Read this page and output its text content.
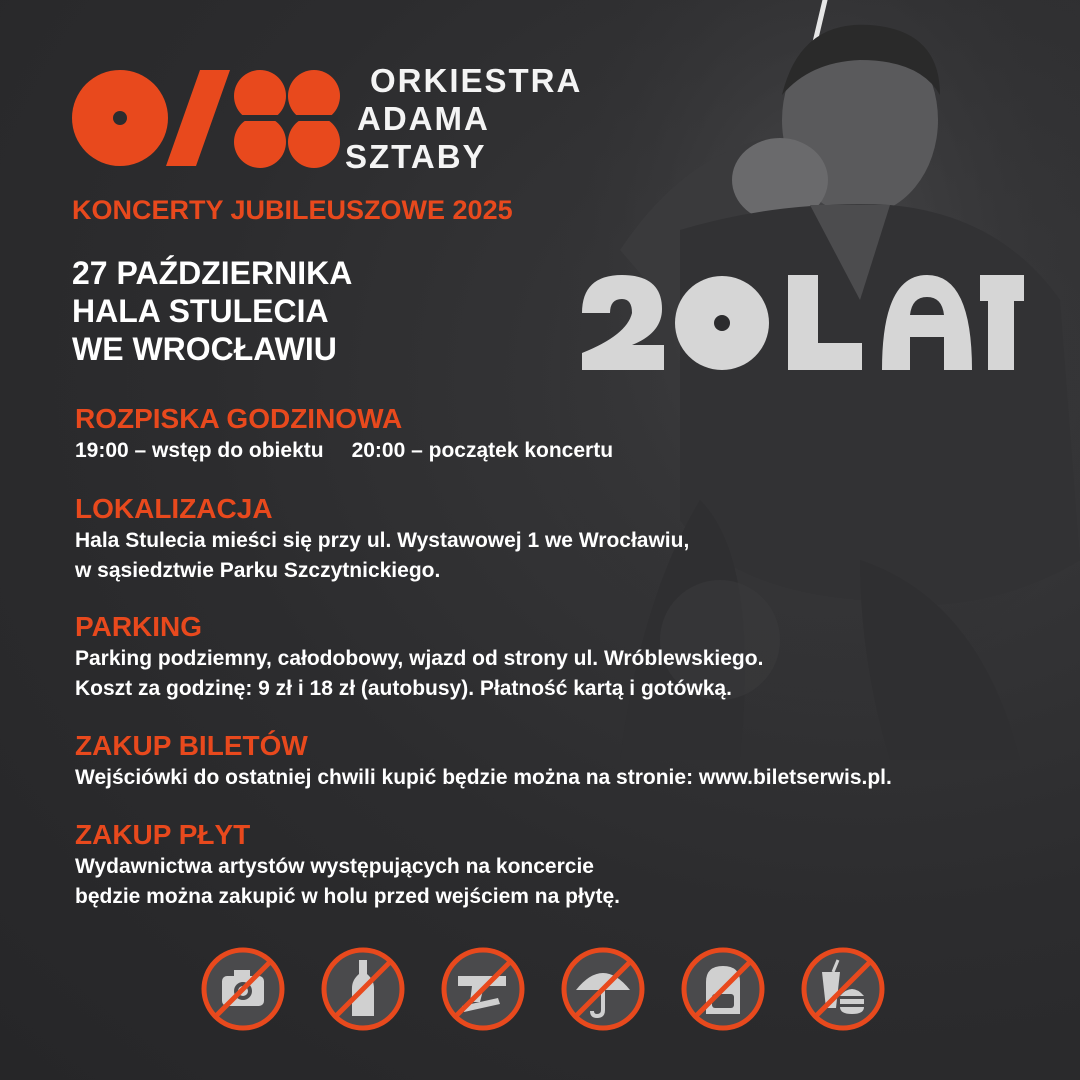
ORKIESTRA
ADAMA
SZTABY
KONCERTY JUBILEUSZOWE 2025
27 PAŹDZIERNIKA
HALA STULECIA
WE WROCŁAWIU
20LAT
ROZPISKA GODZINOWA
19:00 – wstęp do obiektu 20:00 – początek koncertu
LOKALIZACJA
Hala Stulecia mieści się przy ul. Wystawowej 1 we Wrocławiu,
w sąsiedztwie Parku Szczytnickiego.
PARKING
Parking podziemny, całodobowy, wjazd od strony ul. Wróblewskiego.
Koszt za godzinę: 9 zł i 18 zł (autobusy). Płatność kartą i gotówką.
ZAKUP BILETÓW
Wejściówki do ostatniej chwili kupić będzie można na stronie: www.biletserwis.pl.
ZAKUP PŁYT
Wydawnictwa artystów występujących na koncercie
będzie można zakupić w holu przed wejściem na płytę.
